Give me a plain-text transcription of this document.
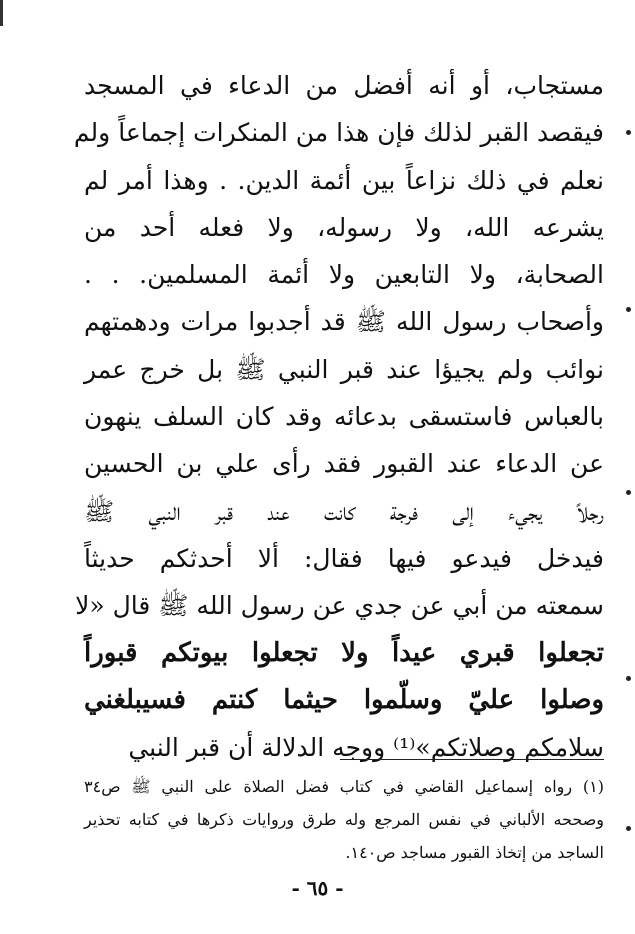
مستجاب، أو أنه أفضل من الدعاء في المسجد
فيقصد القبر لذلك فإن هذا من المنكرات إجماعاً ولم
نعلم في ذلك نزاعاً بين أئمة الدين. . وهذا أمر لم
يشرعه الله، ولا رسوله، ولا فعله أحد من
الصحابة، ولا التابعين ولا أئمة المسلمين. . .
وأصحاب رسول الله ﷺ قد أجدبوا مرات ودهمتهم
نوائب ولم يجيؤا عند قبر النبي ﷺ بل خرج عمر
بالعباس فاستسقى بدعائه وقد كان السلف ينهون
عن الدعاء عند القبور فقد رأى علي بن الحسين
رجلاً يجيء إلى فرجة كانت عند قبر النبي ﷺ
فيدخل فيدعو فيها فقال: ألا أحدثكم حديثاً
سمعته من أبي عن جدي عن رسول الله ﷺ قال «لا
تجعلوا قبري عيداً ولا تجعلوا بيوتكم قبوراً
وصلوا عليّ وسلّموا حيثما كنتم فسيبلغني
سلامكم وصلاتكم»⁽¹⁾ ووجه الدلالة أن قبر النبي
(١) رواه إسماعيل القاضي في كتاب فضل الصلاة على النبي ﷺ ص٣٤
وصححه الألباني في نفس المرجع وله طرق وروايات ذكرها في كتابه تحذير
الساجد من إتخاذ القبور مساجد ص١٤٠.
- ٦٥ -
